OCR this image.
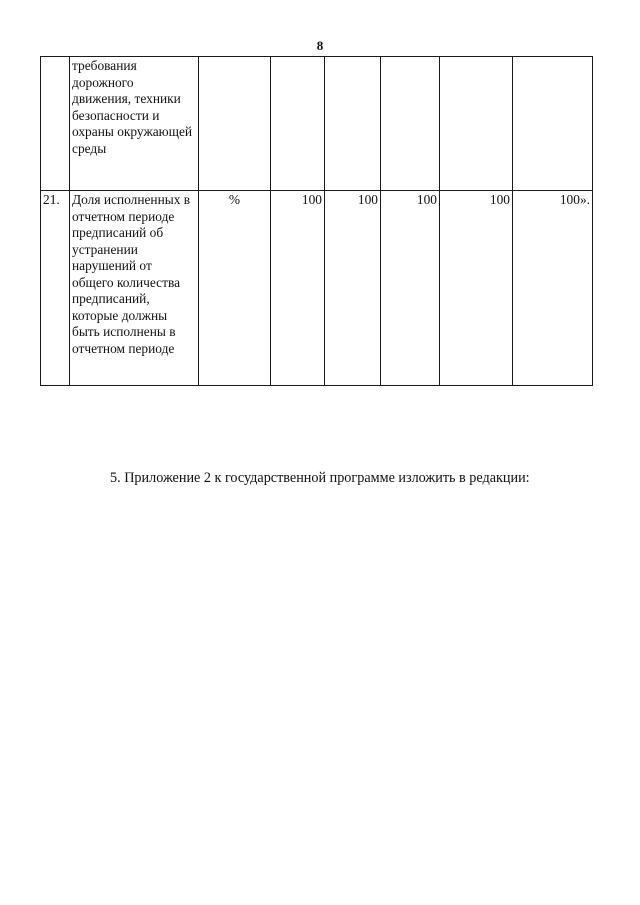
8
	требования дорожного движения, техники безопасности и охраны окружающей среды						
21.	Доля исполненных в отчетном периоде предписаний об устранении нарушений от общего количества предписаний, которые должны быть исполнены в отчетном периоде	%	100	100	100	100	100».
5. Приложение 2 к государственной программе изложить в редакции:
